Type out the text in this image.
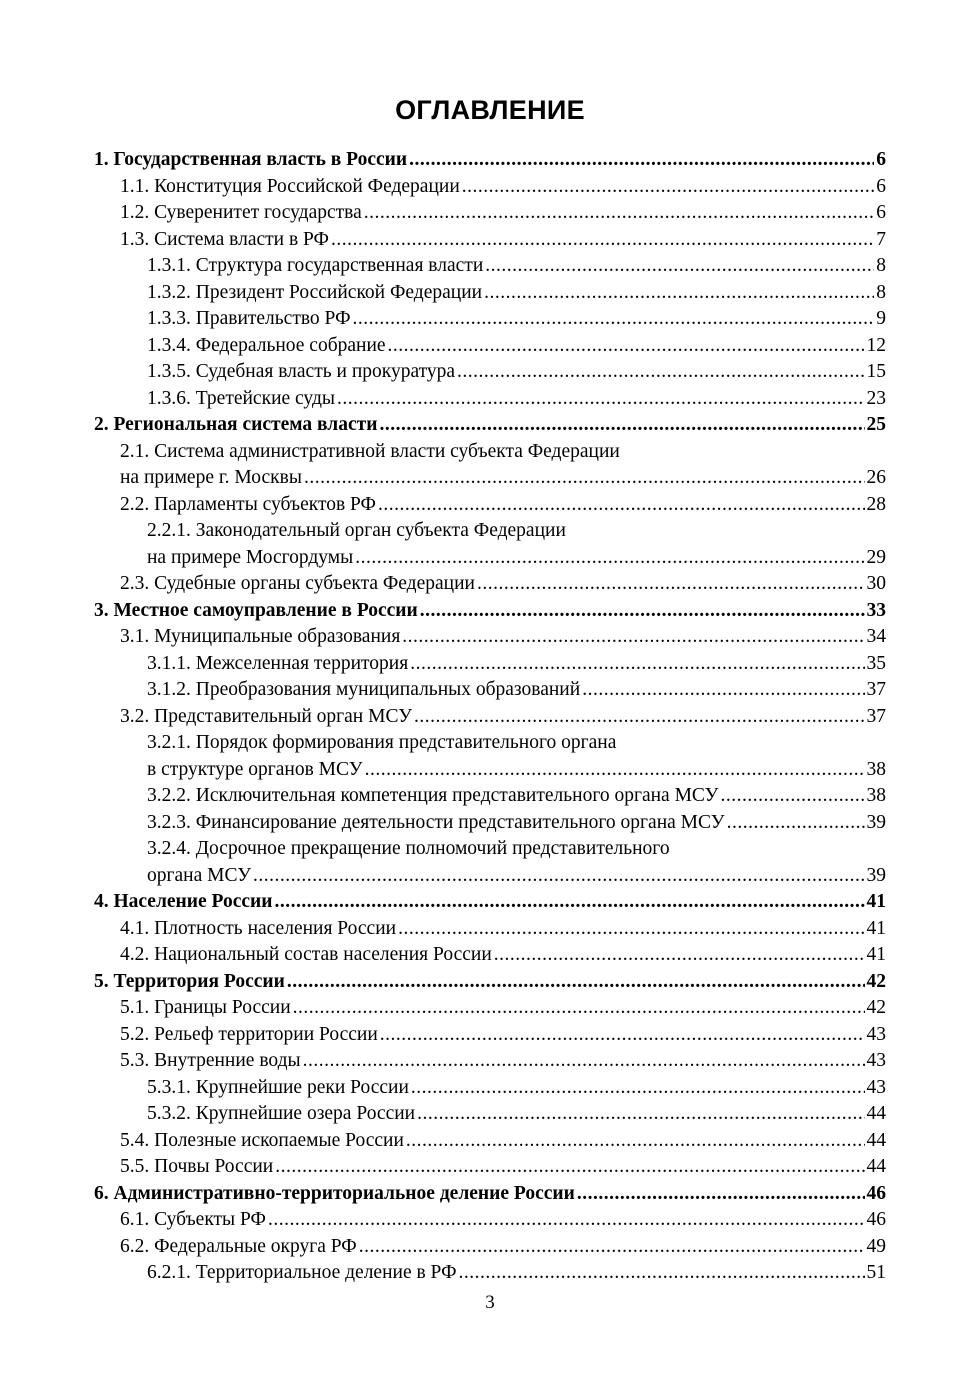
ОГЛАВЛЕНИЕ
1. Государственная власть в России .....	6
1.1. Конституция Российской Федерации .....	6
1.2. Суверенитет государства .....	6
1.3. Система власти в РФ .....	7
1.3.1. Структура государственная власти .....	8
1.3.2. Президент Российской Федерации .....	8
1.3.3. Правительство РФ .....	9
1.3.4. Федеральное собрание .....	12
1.3.5. Судебная власть и прокуратура .....	15
1.3.6. Третейские суды .....	23
2. Региональная система власти .....	25
2.1. Система административной власти субъекта Федерации
на примере г. Москвы .....	26
2.2. Парламенты субъектов РФ .....	28
2.2.1. Законодательный орган субъекта Федерации
на примере Мосгордумы .....	29
2.3. Судебные органы субъекта Федерации .....	30
3. Местное самоуправление в России .....	33
3.1. Муниципальные образования .....	34
3.1.1. Межселенная территория .....	35
3.1.2. Преобразования муниципальных образований .....	37
3.2. Представительный орган МСУ .....	37
3.2.1. Порядок формирования представительного органа
в структуре органов МСУ .....	38
3.2.2. Исключительная компетенция представительного органа МСУ .....	38
3.2.3. Финансирование деятельности представительного органа МСУ .....	39
3.2.4. Досрочное прекращение полномочий представительного
органа МСУ .....	39
4. Население России .....	41
4.1. Плотность населения России .....	41
4.2. Национальный состав населения России .....	41
5. Территория России .....	42
5.1. Границы России .....	42
5.2. Рельеф территории России .....	43
5.3. Внутренние воды .....	43
5.3.1. Крупнейшие реки России .....	43
5.3.2. Крупнейшие озера России .....	44
5.4. Полезные ископаемые России .....	44
5.5. Почвы России .....	44
6. Административно-территориальное деление России .....	46
6.1. Субъекты РФ .....	46
6.2. Федеральные округа РФ .....	49
6.2.1. Территориальное деление в РФ .....	51
3
